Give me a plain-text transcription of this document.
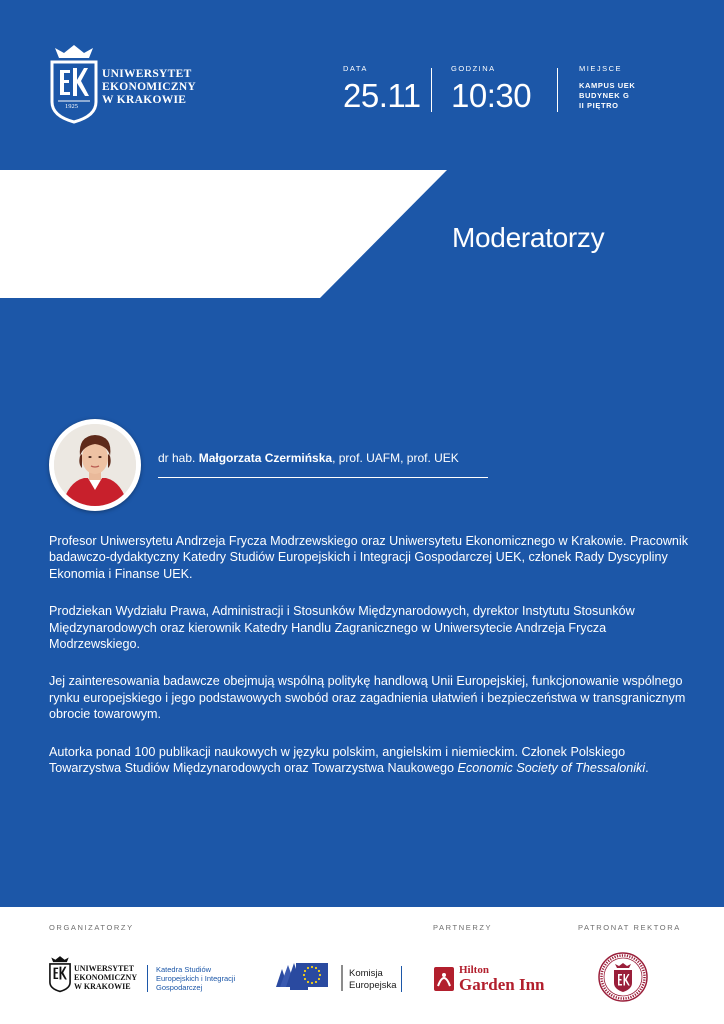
1925
UNIWERSYTET
EKONOMICZNY
W KRAKOWIE
DATA
25.11
GODZINA
10:30
MIEJSCE
KAMPUS UEK
BUDYNEK G
II PIĘTRO
Moderatorzy
dr hab. Małgorzata Czermińska, prof. UAFM, prof. UEK

Profesor Uniwersytetu Andrzeja Frycza Modrzewskiego oraz Uniwersytetu Ekonomicznego w Krakowie. Pracownik badawczo-dydaktyczny Katedry Studiów Europejskich i Integracji Gospodarczej UEK, członek Rady Dyscypliny Ekonomia i Finanse UEK.

Prodziekan Wydziału Prawa, Administracji i Stosunków Międzynarodowych, dyrektor Instytutu Stosunków Międzynarodowych oraz kierownik Katedry Handlu Zagranicznego w Uniwersytecie Andrzeja Frycza Modrzewskiego.

Jej zainteresowania badawcze obejmują wspólną politykę handlową Unii Europejskiej, funkcjonowanie wspólnego rynku europejskiego i jego podstawowych swobód oraz zagadnienia ułatwień i bezpieczeństwa w transgranicznym obrocie towarowym.

Autorka ponad 100 publikacji naukowych w języku polskim, angielskim i niemieckim. Członek Polskiego Towarzystwa Studiów Międzynarodowych oraz Towarzystwa Naukowego Economic Society of Thessaloniki.

ORGANIZATORZY	PARTNERZY	PATRONAT REKTORA
UNIWERSYTET
EKONOMICZNY
W KRAKOWIE
Katedra Studiów
Europejskich i Integracji
Gospodarczej
Komisja
Europejska
Hilton
Garden Inn
